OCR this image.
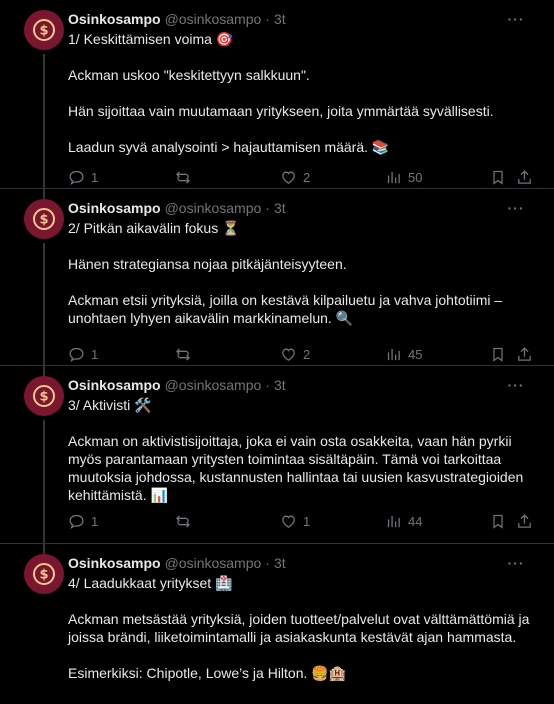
$
Osinkosampo @osinkosampo · 3t	···

1/ Keskittämisen voima 🎯

Ackman uskoo "keskitettyyn salkkuun".

Hän sijoittaa vain muutamaan yritykseen, joita ymmärtää syvällisesti.

Laadun syvä analysointi > hajauttamisen määrä. 📚

1	2	50
$
Osinkosampo @osinkosampo · 3t	···

2/ Pitkän aikavälin fokus ⏳

Hänen strategiansa nojaa pitkäjänteisyyteen.

Ackman etsii yrityksiä, joilla on kestävä kilpailuetu ja vahva johtotiimi – unohtaen lyhyen aikavälin markkinamelun. 🔍

1	2	45
$
Osinkosampo @osinkosampo · 3t	···

3/ Aktivisti 🛠️

Ackman on aktivistisijoittaja, joka ei vain osta osakkeita, vaan hän pyrkii myös parantamaan yritysten toimintaa sisältäpäin. Tämä voi tarkoittaa muutoksia johdossa, kustannusten hallintaa tai uusien kasvustrategioiden kehittämistä. 📊

1	1	44
$
Osinkosampo @osinkosampo · 3t	···

4/ Laadukkaat yritykset 🏥

Ackman metsästää yrityksiä, joiden tuotteet/palvelut ovat välttämättömiä ja joissa brändi, liiketoimintamalli ja asiakaskunta kestävät ajan hammasta.

Esimerkiksi: Chipotle, Lowe’s ja Hilton. 🍔🏨
